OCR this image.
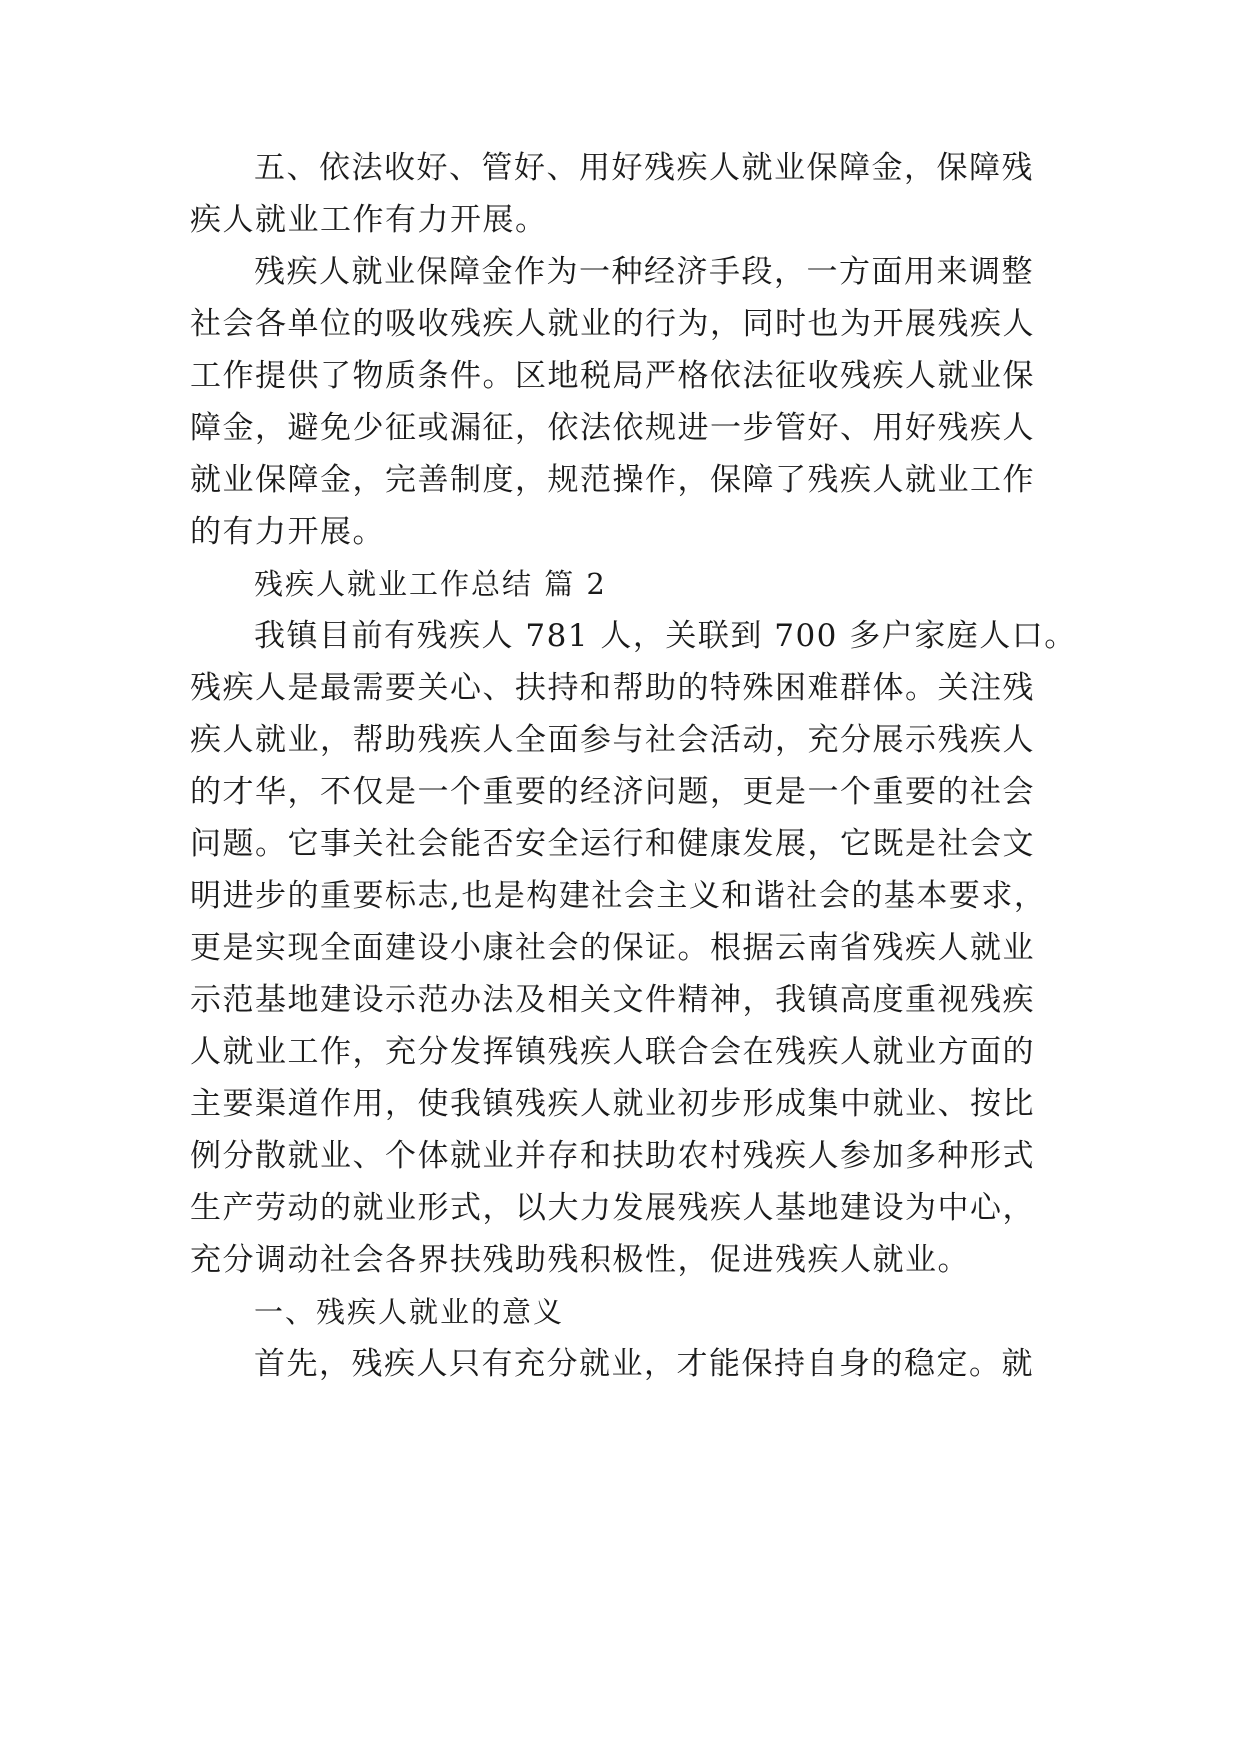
五、依法收好、管好、用好残疾人就业保障金，保障残

疾人就业工作有力开展。

残疾人就业保障金作为一种经济手段，一方面用来调整

社会各单位的吸收残疾人就业的行为，同时也为开展残疾人

工作提供了物质条件。区地税局严格依法征收残疾人就业保

障金，避免少征或漏征，依法依规进一步管好、用好残疾人

就业保障金，完善制度，规范操作，保障了残疾人就业工作

的有力开展。

残疾人就业工作总结 篇 2

我镇目前有残疾人 781 人，关联到 700 多户家庭人口。

残疾人是最需要关心、扶持和帮助的特殊困难群体。关注残

疾人就业，帮助残疾人全面参与社会活动，充分展示残疾人

的才华，不仅是一个重要的经济问题，更是一个重要的社会

问题。它事关社会能否安全运行和健康发展，它既是社会文

明进步的重要标志,也是构建社会主义和谐社会的基本要求，

更是实现全面建设小康社会的保证。根据云南省残疾人就业

示范基地建设示范办法及相关文件精神，我镇高度重视残疾

人就业工作，充分发挥镇残疾人联合会在残疾人就业方面的

主要渠道作用，使我镇残疾人就业初步形成集中就业、按比

例分散就业、个体就业并存和扶助农村残疾人参加多种形式

生产劳动的就业形式，以大力发展残疾人基地建设为中心，

充分调动社会各界扶残助残积极性，促进残疾人就业。

一、残疾人就业的意义

首先，残疾人只有充分就业，才能保持自身的稳定。就
